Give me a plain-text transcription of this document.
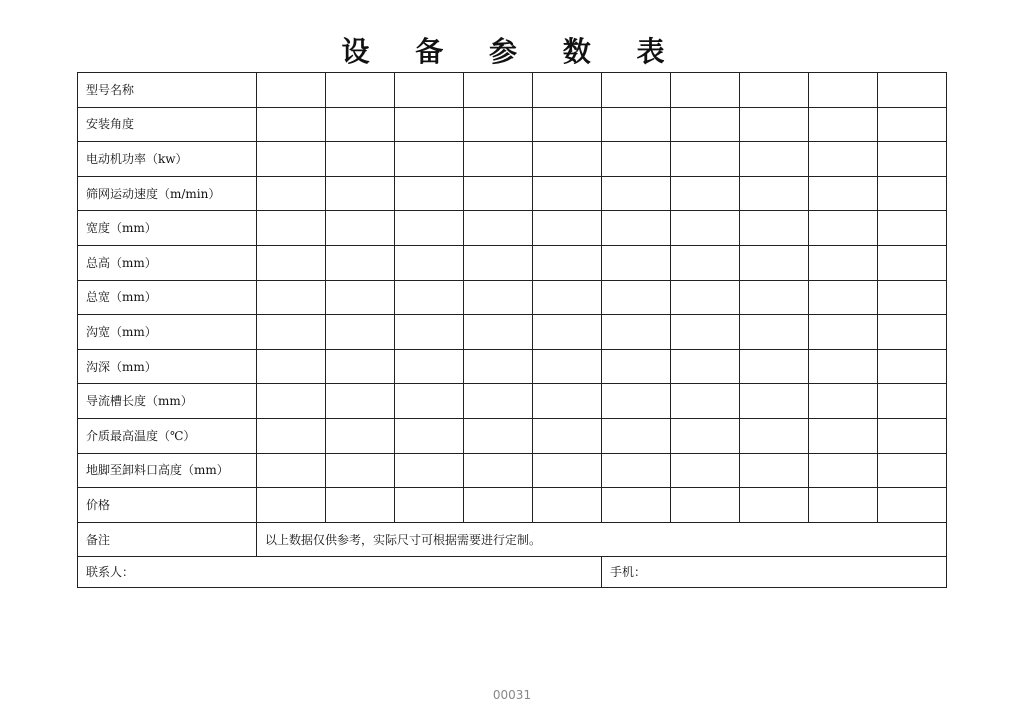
设 备 参 数 表
型号名称										
安装角度										
电动机功率（kw）										
筛网运动速度（m/min）										
宽度（mm）										
总高（mm）										
总宽（mm）										
沟宽（mm）										
沟深（mm）										
导流槽长度（mm）										
介质最高温度（℃）										
地脚至卸料口高度（mm）										
价格										
备注	以上数据仅供参考，实际尺寸可根据需要进行定制。									
联系人：						手机：				
00031
